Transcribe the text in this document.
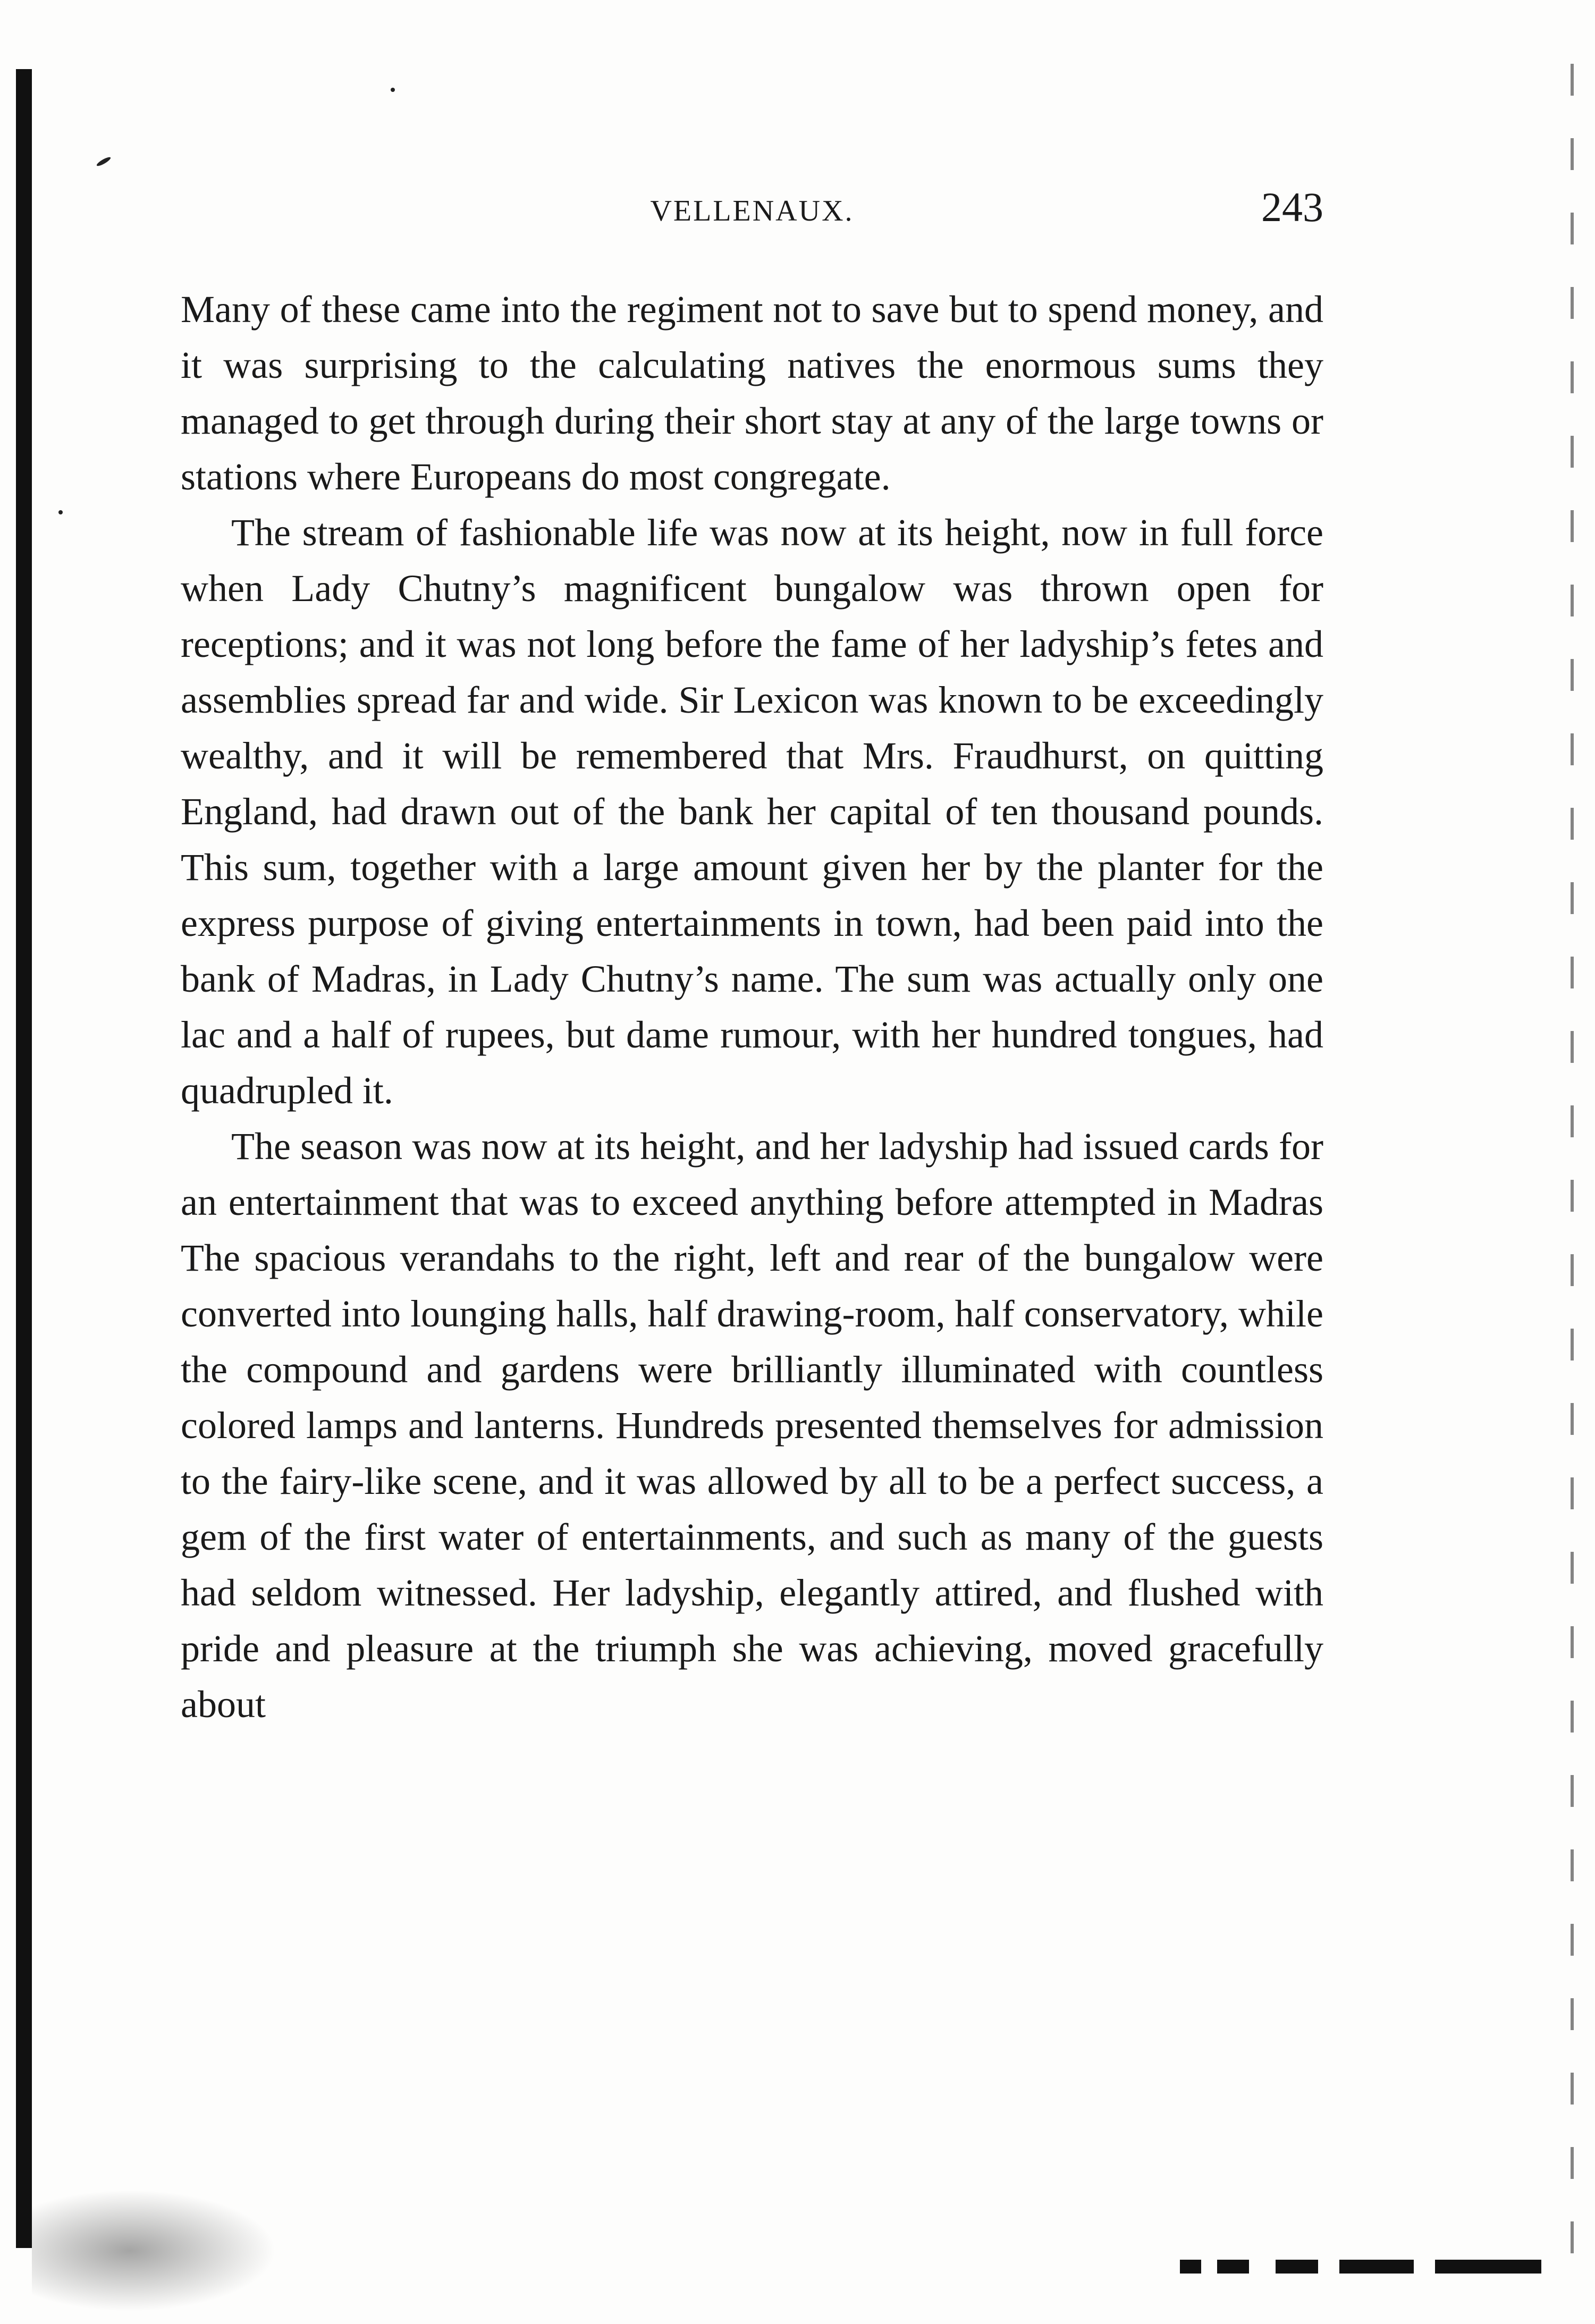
VELLENAUX.	243

Many of these came into the regiment not to save but to spend money, and it was surprising to the calculating natives the enormous sums they managed to get through during their short stay at any of the large towns or stations where Europeans do most congregate.

The stream of fashionable life was now at its height, now in full force when Lady Chutny’s magnificent bungalow was thrown open for receptions; and it was not long before the fame of her ladyship’s fetes and assemblies spread far and wide. Sir Lexicon was known to be exceedingly wealthy, and it will be remembered that Mrs. Fraudhurst, on quitting England, had drawn out of the bank her capital of ten thousand pounds. This sum, together with a large amount given her by the planter for the express purpose of giving entertainments in town, had been paid into the bank of Madras, in Lady Chutny’s name. The sum was actually only one lac and a half of rupees, but dame rumour, with her hundred tongues, had quadrupled it.

The season was now at its height, and her ladyship had issued cards for an entertainment that was to exceed anything before attempted in Madras The spacious verandahs to the right, left and rear of the bungalow were converted into lounging halls, half drawing-room, half conservatory, while the compound and gardens were brilliantly illuminated with countless colored lamps and lanterns. Hundreds presented themselves for admission to the fairy-like scene, and it was allowed by all to be a perfect success, a gem of the first water of entertainments, and such as many of the guests had seldom witnessed. Her ladyship, elegantly attired, and flushed with pride and pleasure at the triumph she was achieving, moved gracefully about
